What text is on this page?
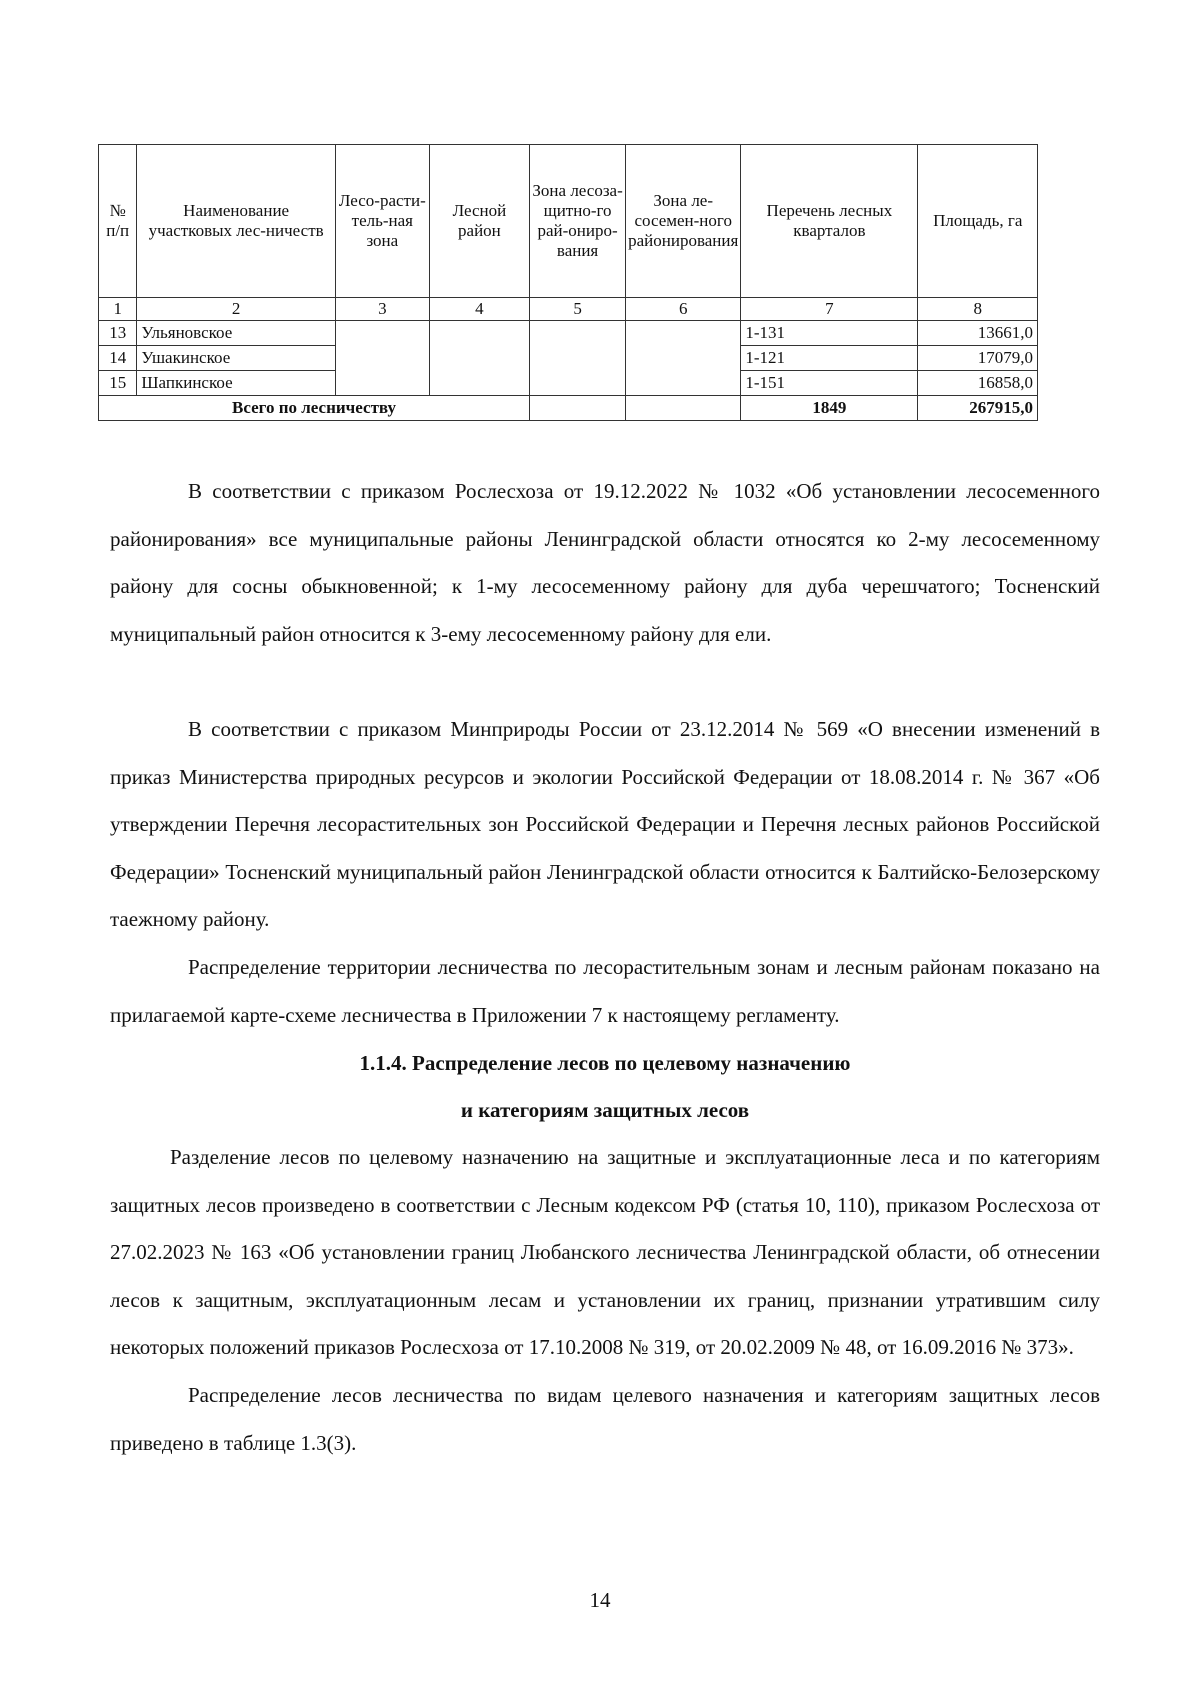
№ п/п	Наименование участковых лес-ничеств	Лесо-расти-тель-ная зона	Лесной район	Зона лесоза-щитно-го рай-ониро-вания	Зона ле-сосемен-ного районирования	Перечень лесных кварталов	Площадь, га
1	2	3	4	5	6	7	8
13	Ульяновское					1-131	13661,0
14	Ушакинское					1-121	17079,0
15	Шапкинское					1-151	16858,0
Всего по лесничеству						1849	267915,0

В соответствии с приказом Рослесхоза от 19.12.2022 № 1032 «Об установлении лесосеменного районирования» все муниципальные районы Ленинградской области относятся ко 2-му лесосеменному району для сосны обыкновенной; к 1-му лесосеменному району для дуба черешчатого; Тосненский муниципальный район относится к 3-ему лесосеменному району для ели.

В соответствии с приказом Минприроды России от 23.12.2014 № 569 «О внесении изменений в приказ Министерства природных ресурсов и экологии Российской Федерации от 18.08.2014 г. № 367 «Об утверждении Перечня лесорастительных зон Российской Федерации и Перечня лесных районов Российской Федерации» Тосненский муниципальный район Ленинградской области относится к Балтийско-Белозерскому таежному району.

Распределение территории лесничества по лесорастительным зонам и лесным районам показано на прилагаемой карте-схеме лесничества в Приложении 7 к настоящему регламенту.

1.1.4. Распределение лесов по целевому назначению

и категориям защитных лесов

Разделение лесов по целевому назначению на защитные и эксплуатационные леса и по категориям защитных лесов произведено в соответствии с Лесным кодексом РФ (статья 10, 110), приказом Рослесхоза от 27.02.2023 № 163 «Об установлении границ Любанского лесничества Ленинградской области, об отнесении лесов к защитным, эксплуатационным лесам и установлении их границ, признании утратившим силу некоторых положений приказов Рослесхоза от 17.10.2008 № 319, от 20.02.2009 № 48, от 16.09.2016 № 373».

Распределение лесов лесничества по видам целевого назначения и категориям защитных лесов приведено в таблице 1.3(3).

14
